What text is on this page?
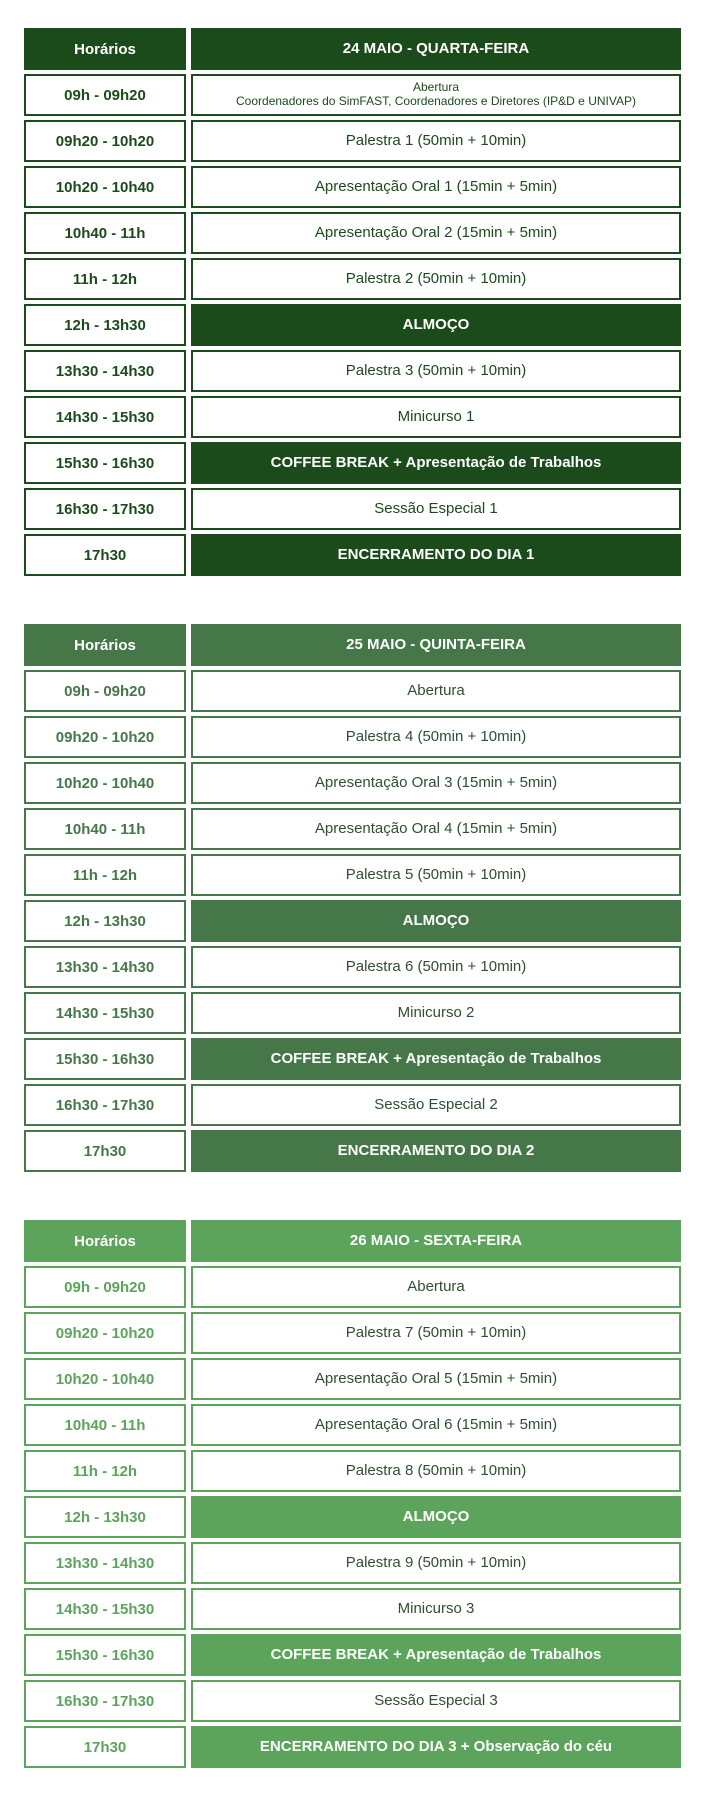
Horários	24 MAIO - QUARTA-FEIRA
09h - 09h20	Abertura
Coordenadores do SimFAST, Coordenadores e Diretores (IP&D e UNIVAP)
09h20 - 10h20	Palestra 1 (50min + 10min)
10h20 - 10h40	Apresentação Oral 1 (15min + 5min)
10h40 - 11h	Apresentação Oral 2 (15min + 5min)
11h - 12h	Palestra 2 (50min + 10min)
12h - 13h30	ALMOÇO
13h30 - 14h30	Palestra 3 (50min + 10min)
14h30 - 15h30	Minicurso 1
15h30 - 16h30	COFFEE BREAK + Apresentação de Trabalhos
16h30 - 17h30	Sessão Especial 1
17h30	ENCERRAMENTO DO DIA 1
Horários	25 MAIO - QUINTA-FEIRA
09h - 09h20	Abertura
09h20 - 10h20	Palestra 4 (50min + 10min)
10h20 - 10h40	Apresentação Oral 3 (15min + 5min)
10h40 - 11h	Apresentação Oral 4 (15min + 5min)
11h - 12h	Palestra 5 (50min + 10min)
12h - 13h30	ALMOÇO
13h30 - 14h30	Palestra 6 (50min + 10min)
14h30 - 15h30	Minicurso 2
15h30 - 16h30	COFFEE BREAK + Apresentação de Trabalhos
16h30 - 17h30	Sessão Especial 2
17h30	ENCERRAMENTO DO DIA 2
Horários	26 MAIO - SEXTA-FEIRA
09h - 09h20	Abertura
09h20 - 10h20	Palestra 7 (50min + 10min)
10h20 - 10h40	Apresentação Oral 5 (15min + 5min)
10h40 - 11h	Apresentação Oral 6 (15min + 5min)
11h - 12h	Palestra 8 (50min + 10min)
12h - 13h30	ALMOÇO
13h30 - 14h30	Palestra 9 (50min + 10min)
14h30 - 15h30	Minicurso 3
15h30 - 16h30	COFFEE BREAK + Apresentação de Trabalhos
16h30 - 17h30	Sessão Especial 3
17h30	ENCERRAMENTO DO DIA 3 + Observação do céu
